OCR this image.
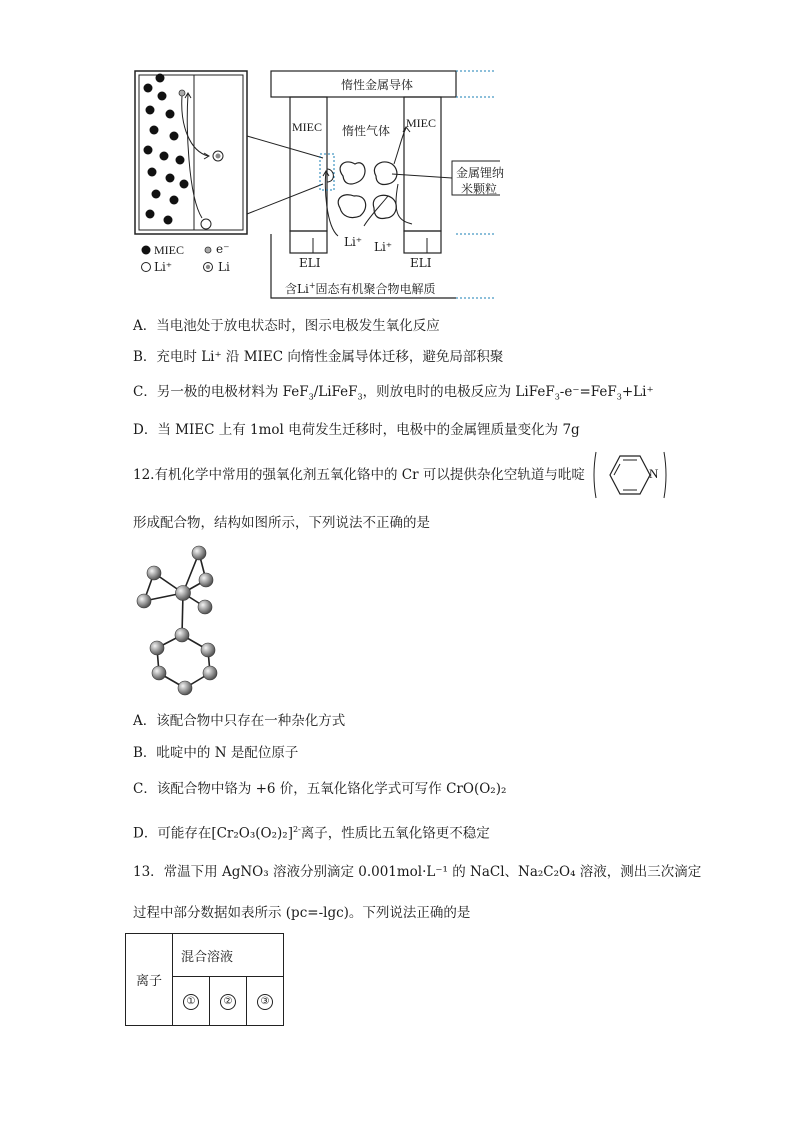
惰性金属导体
MIEC 惰性气体
MIEC
金属锂纳
米颗粒
Li⁺ Li⁺
ELI	ELI
含Li+固态有机聚合物电解质
MIEC	e⁻
Li⁺	Li
A．当电池处于放电状态时，图示电极发生氧化反应
B．充电时 Li⁺ 沿 MIEC 向惰性金属导体迁移，避免局部积聚
C．另一极的电极材料为 FeF$_3$/LiFeF$_3$，则放电时的电极反应为 LiFeF$_3$-e⁻=FeF$_3$+Li⁺
D．当 MIEC 上有 1mol 电荷发生迁移时，电极中的金属锂质量变化为 7g
12.有机化学中常用的强氧化剂五氧化铬中的 Cr 可以提供杂化空轨道与吡啶	N
形成配合物，结构如图所示，下列说法不正确的是
A．该配合物中只存在一种杂化方式
B．吡啶中的 N 是配位原子
C．该配合物中铬为 +6 价，五氧化铬化学式可写作 CrO(O₂)₂
D．可能存在$[Cr_2O_3(O_2)_2]^{2-}$离子，性质比五氧化铬更不稳定
13．常温下用 AgNO₃ 溶液分别滴定 0.001mol·L⁻¹ 的 NaCl、Na₂C₂O₄ 溶液，测出三次滴定
过程中部分数据如表所示 (pc=-lgc)。下列说法正确的是
离子	混合溶液		
	①	②	③
